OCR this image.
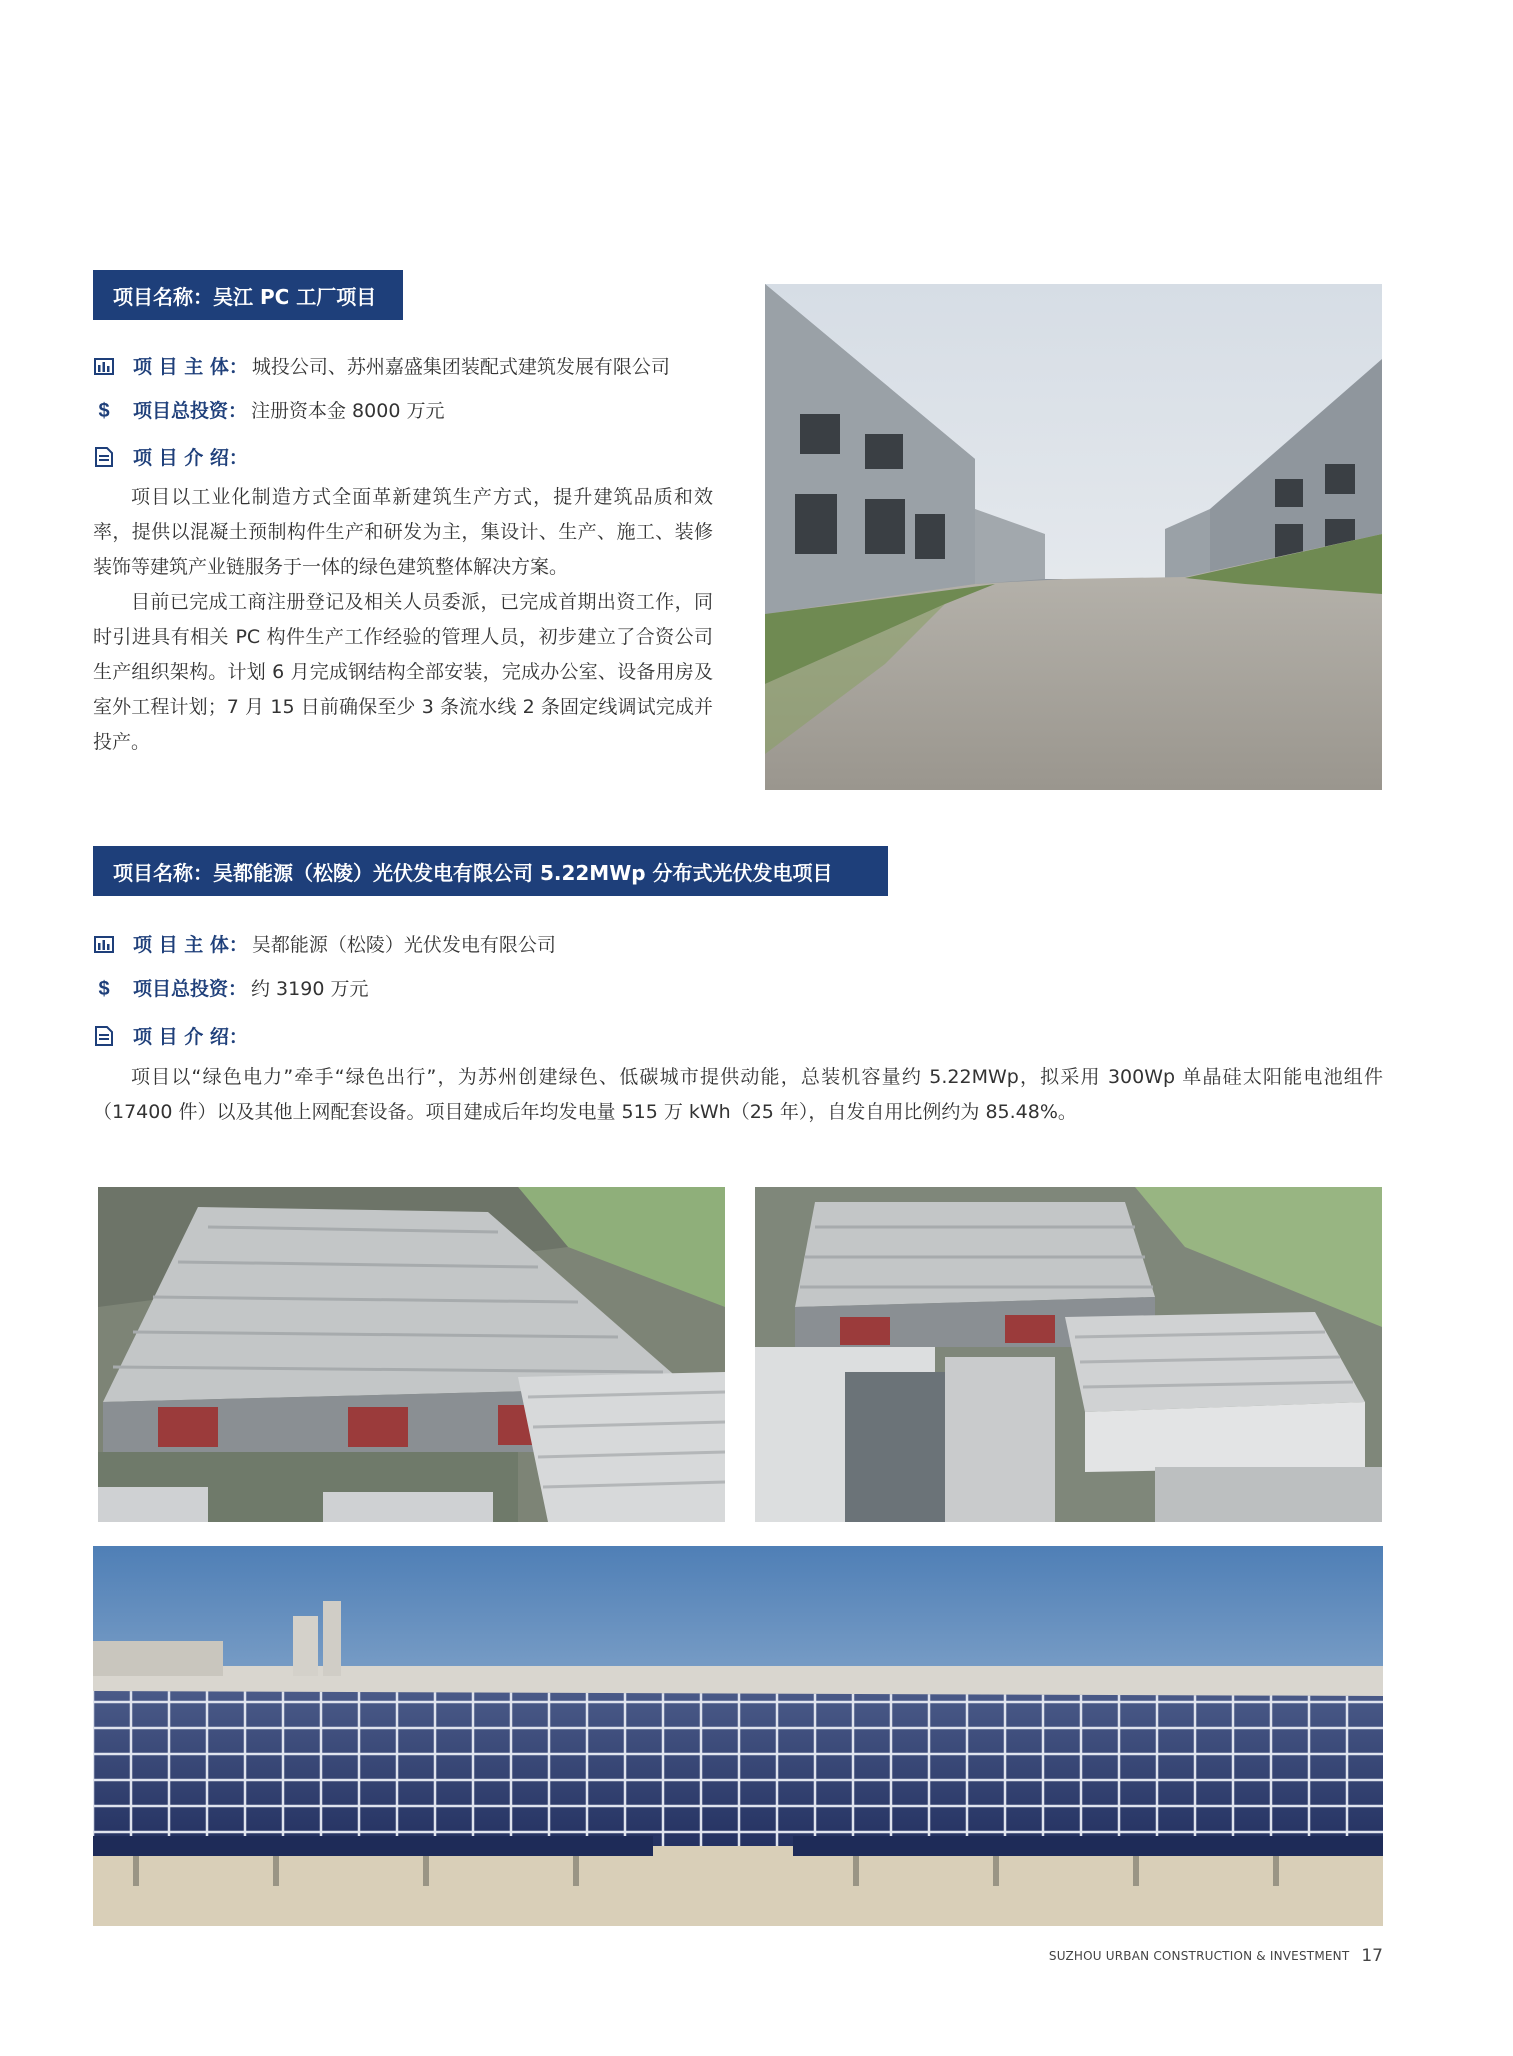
项目名称：吴江 PC 工厂项目
项 目 主 体： 城投公司、苏州嘉盛集团装配式建筑发展有限公司
$ 项目总投资： 注册资本金 8000 万元
项 目 介 绍：

项目以工业化制造方式全面革新建筑生产方式，提升建筑品质和效率，提供以混凝土预制构件生产和研发为主，集设计、生产、施工、装修装饰等建筑产业链服务于一体的绿色建筑整体解决方案。

目前已完成工商注册登记及相关人员委派，已完成首期出资工作，同时引进具有相关 PC 构件生产工作经验的管理人员，初步建立了合资公司生产组织架构。计划 6 月完成钢结构全部安装，完成办公室、设备用房及室外工程计划；7 月 15 日前确保至少 3 条流水线 2 条固定线调试完成并投产。

项目名称：吴都能源（松陵）光伏发电有限公司 5.22MWp 分布式光伏发电项目
项 目 主 体： 吴都能源（松陵）光伏发电有限公司
$ 项目总投资： 约 3190 万元
项 目 介 绍：

项目以“绿色电力”牵手“绿色出行”，为苏州创建绿色、低碳城市提供动能，总装机容量约 5.22MWp，拟采用 300Wp 单晶硅太阳能电池组件（17400 件）以及其他上网配套设备。项目建成后年均发电量 515 万 kWh（25 年），自发自用比例约为 85.48%。

SUZHOU URBAN CONSTRUCTION & INVESTMENT 17
